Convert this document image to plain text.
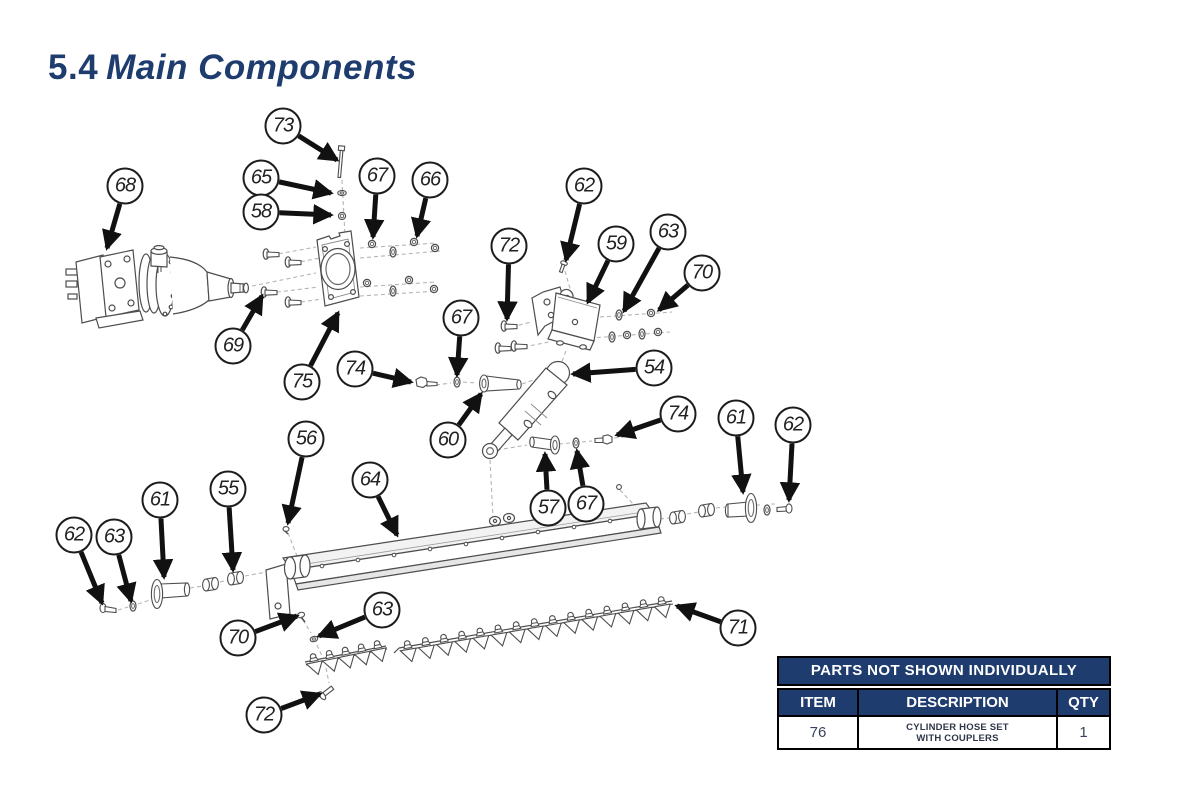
5.4 Main Components
73
68	65
58
67	66	62
72	59
63
70
69
75
74
67
60
54
74	61	62
56
64
57 67
61	55
62 63
70
63
71
72
PARTS NOT SHOWN INDIVIDUALLY
ITEM	DESCRIPTION	QTY
76	CYLINDER HOSE SET
WITH COUPLERS	1
